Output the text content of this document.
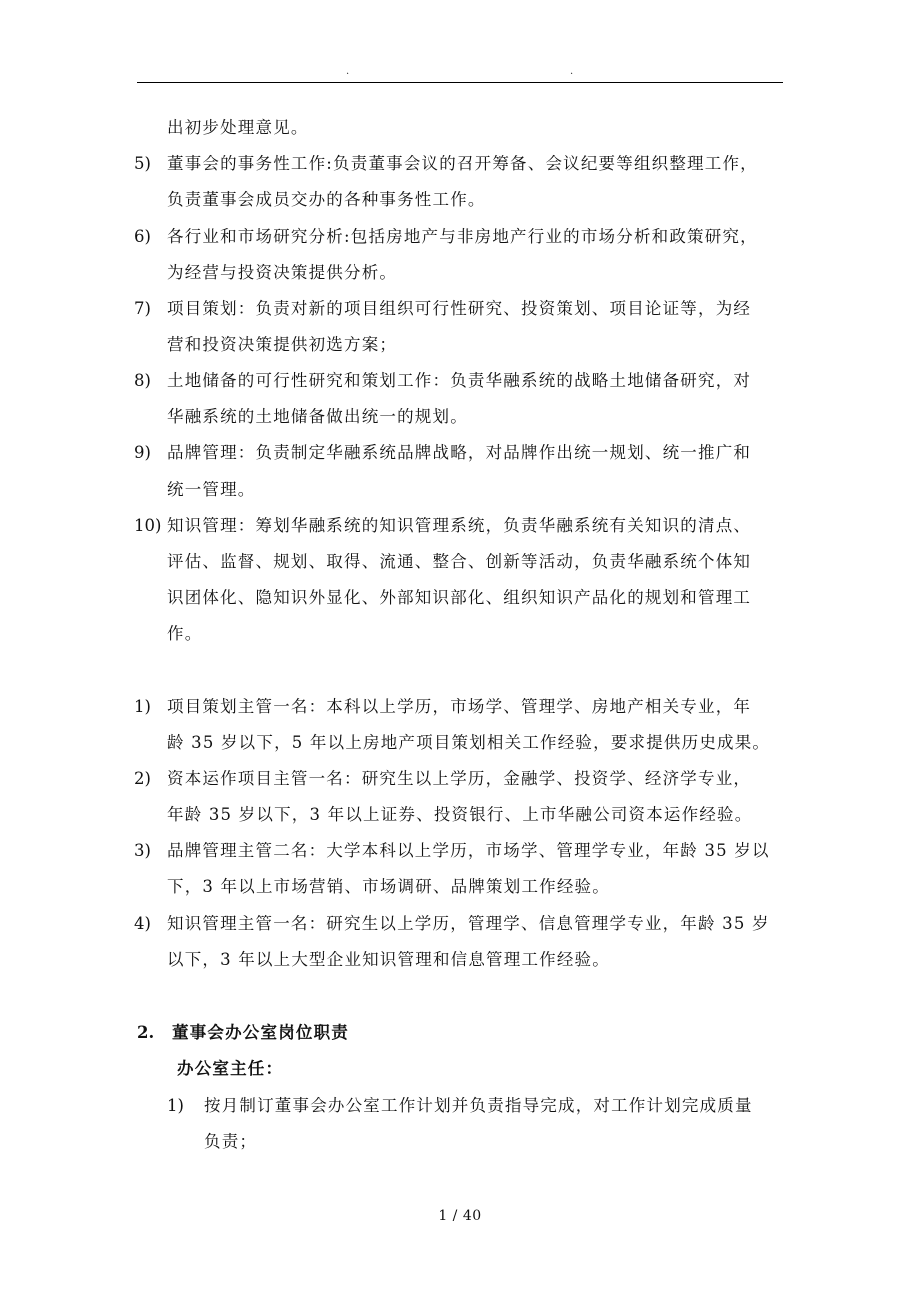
.	.
出初步处理意见。
5) 董事会的事务性工作:负责董事会议的召开筹备、会议纪要等组织整理工作，
负责董事会成员交办的各种事务性工作。
6) 各行业和市场研究分析:包括房地产与非房地产行业的市场分析和政策研究，
为经营与投资决策提供分析。
7) 项目策划：负责对新的项目组织可行性研究、投资策划、项目论证等，为经
营和投资决策提供初选方案；
8) 土地储备的可行性研究和策划工作：负责华融系统的战略土地储备研究，对
华融系统的土地储备做出统一的规划。
9) 品牌管理：负责制定华融系统品牌战略，对品牌作出统一规划、统一推广和
统一管理。
10) 知识管理：筹划华融系统的知识管理系统，负责华融系统有关知识的清点、
评估、监督、规划、取得、流通、整合、创新等活动，负责华融系统个体知
识团体化、隐知识外显化、外部知识部化、组织知识产品化的规划和管理工
作。
1) 项目策划主管一名：本科以上学历，市场学、管理学、房地产相关专业，年
龄 35 岁以下，5 年以上房地产项目策划相关工作经验，要求提供历史成果。
2) 资本运作项目主管一名：研究生以上学历，金融学、投资学、经济学专业，
年龄 35 岁以下，3 年以上证券、投资银行、上市华融公司资本运作经验。
3) 品牌管理主管二名：大学本科以上学历，市场学、管理学专业，年龄 35 岁以
下，3 年以上市场营销、市场调研、品牌策划工作经验。
4) 知识管理主管一名：研究生以上学历，管理学、信息管理学专业，年龄 35 岁
以下，3 年以上大型企业知识管理和信息管理工作经验。
2. 董事会办公室岗位职责
办公室主任：
1) 按月制订董事会办公室工作计划并负责指导完成，对工作计划完成质量
负责；
1 / 40
